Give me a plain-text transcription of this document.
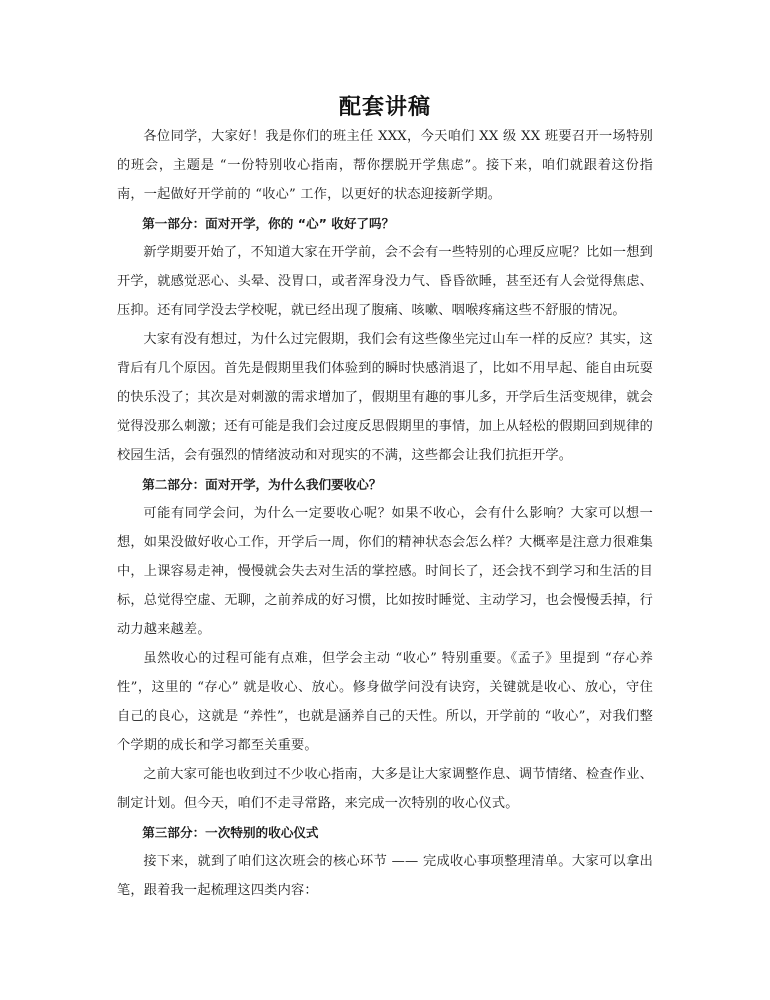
配套讲稿
各位同学，大家好！我是你们的班主任 XXX，今天咱们 XX 级 XX 班要召开一场特别的班会，主题是 “一份特别收心指南，帮你摆脱开学焦虑”。接下来，咱们就跟着这份指南，一起做好开学前的 “收心” 工作，以更好的状态迎接新学期。
第一部分：面对开学，你的 “心” 收好了吗？
新学期要开始了，不知道大家在开学前，会不会有一些特别的心理反应呢？比如一想到开学，就感觉恶心、头晕、没胃口，或者浑身没力气、昏昏欲睡，甚至还有人会觉得焦虑、压抑。还有同学没去学校呢，就已经出现了腹痛、咳嗽、咽喉疼痛这些不舒服的情况。
大家有没有想过，为什么过完假期，我们会有这些像坐完过山车一样的反应？其实，这背后有几个原因。首先是假期里我们体验到的瞬时快感消退了，比如不用早起、能自由玩耍的快乐没了；其次是对刺激的需求增加了，假期里有趣的事儿多，开学后生活变规律，就会觉得没那么刺激；还有可能是我们会过度反思假期里的事情，加上从轻松的假期回到规律的校园生活，会有强烈的情绪波动和对现实的不满，这些都会让我们抗拒开学。
第二部分：面对开学，为什么我们要收心？
可能有同学会问，为什么一定要收心呢？如果不收心，会有什么影响？大家可以想一想，如果没做好收心工作，开学后一周，你们的精神状态会怎么样？大概率是注意力很难集中，上课容易走神，慢慢就会失去对生活的掌控感。时间长了，还会找不到学习和生活的目标，总觉得空虚、无聊，之前养成的好习惯，比如按时睡觉、主动学习，也会慢慢丢掉，行动力越来越差。
虽然收心的过程可能有点难，但学会主动 “收心” 特别重要。《孟子》里提到 “存心养性”，这里的 “存心” 就是收心、放心。修身做学问没有诀窍，关键就是收心、放心，守住自己的良心，这就是 “养性”，也就是涵养自己的天性。所以，开学前的 “收心”，对我们整个学期的成长和学习都至关重要。
之前大家可能也收到过不少收心指南，大多是让大家调整作息、调节情绪、检查作业、制定计划。但今天，咱们不走寻常路，来完成一次特别的收心仪式。
第三部分：一次特别的收心仪式
接下来，就到了咱们这次班会的核心环节 —— 完成收心事项整理清单。大家可以拿出笔，跟着我一起梳理这四类内容：
